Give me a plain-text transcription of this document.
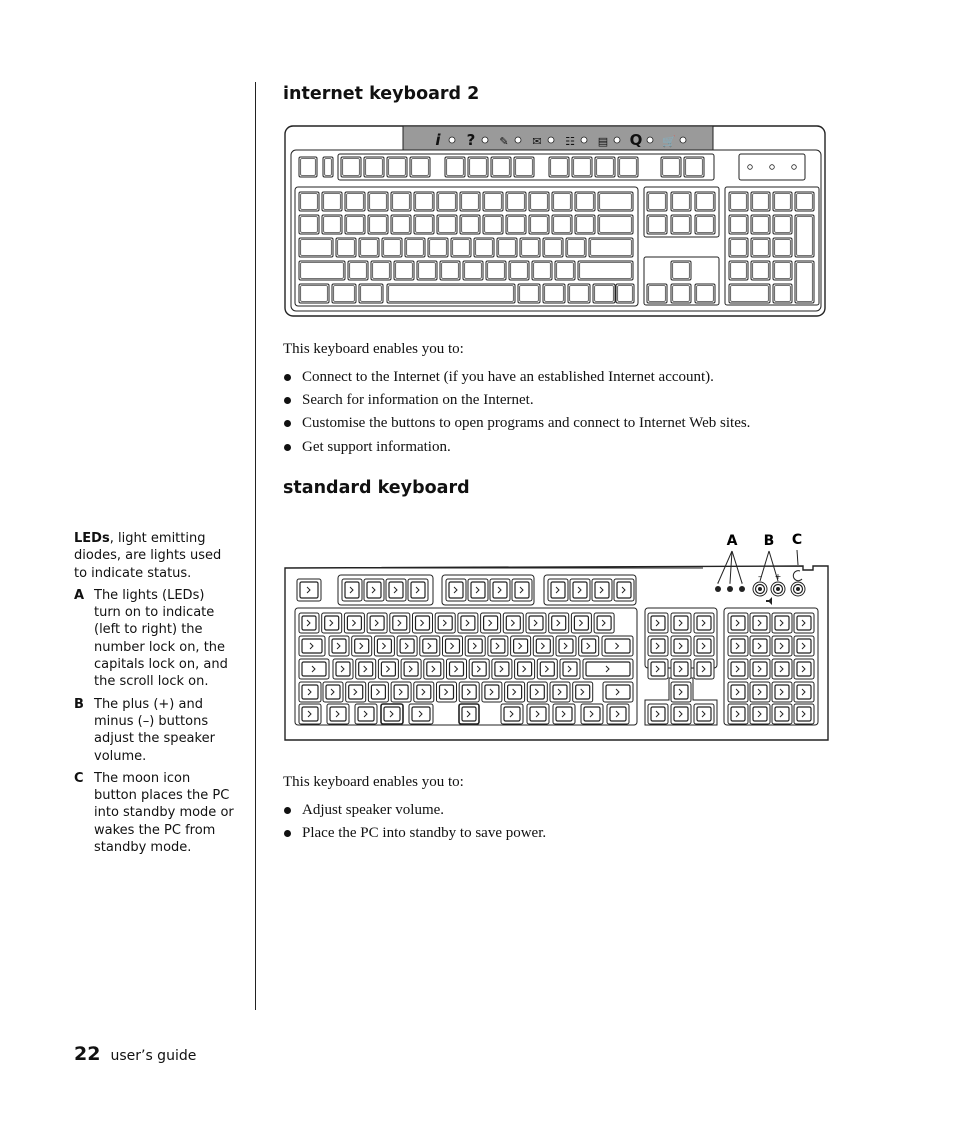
internet keyboard 2
i ? ✎ ✉ ☷ ▤ Q 🛒

This keyboard enables you to:

Connect to the Internet (if you have an established Internet account).
Search for information on the Internet.
Customise the buttons to open programs and connect to Internet Web sites.
Get support information.
standard keyboard

LEDs, light emitting diodes, are lights used to indicate status.

A The lights (LEDs) turn on to indicate (left to right) the number lock on, the capitals lock on, and the scroll lock on.
B The plus (+) and minus (–) buttons adjust the speaker volume.
C The moon icon button places the PC into standby mode or wakes the PC from standby mode.
A B C
– +

This keyboard enables you to:

Adjust speaker volume.
Place the PC into standby to save power.
22 user’s guide
